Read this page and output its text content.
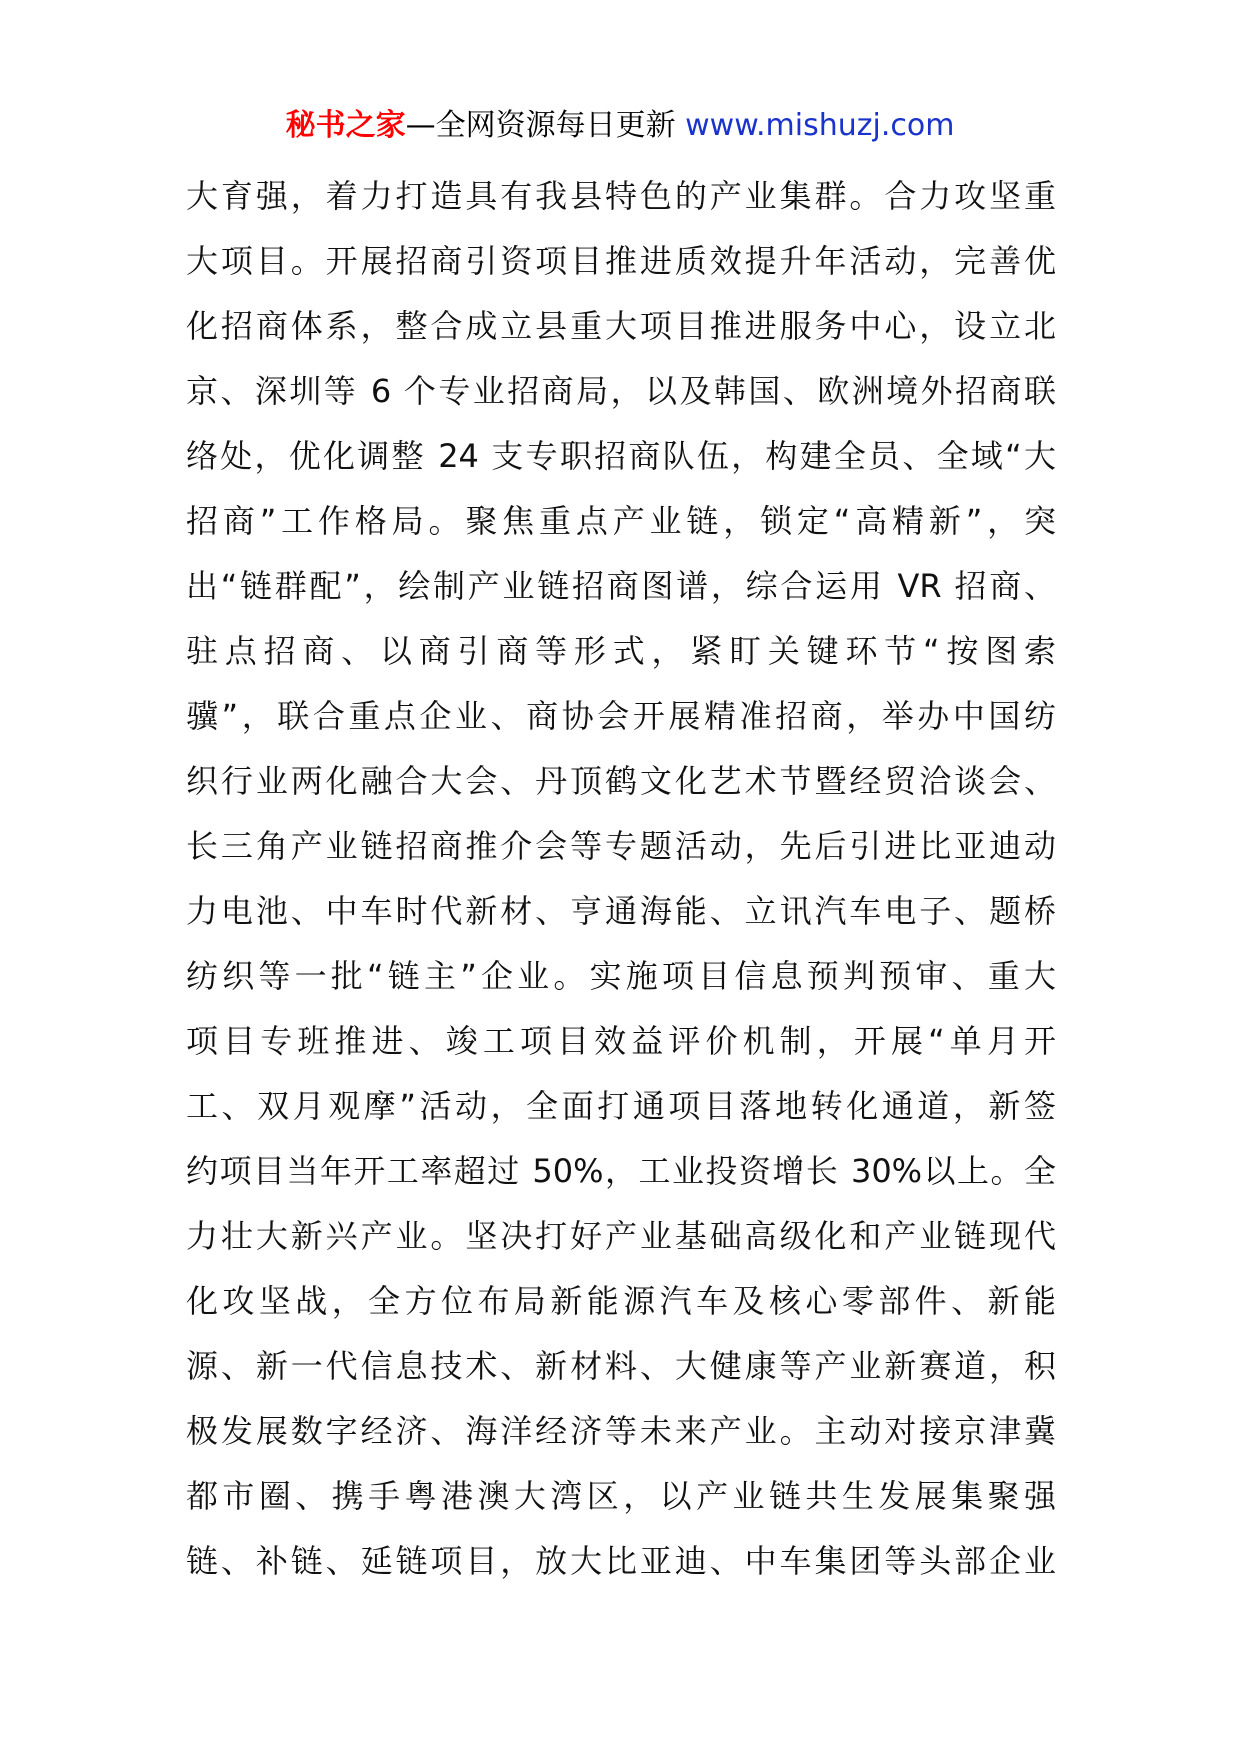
秘书之家—全网资源每日更新 www.mishuzj.com
大育强，着力打造具有我县特色的产业集群。合力攻坚重
大项目。开展招商引资项目推进质效提升年活动，完善优
化招商体系，整合成立县重大项目推进服务中心，设立北
京、深圳等 6 个专业招商局，以及韩国、欧洲境外招商联
络处，优化调整 24 支专职招商队伍，构建全员、全域“大
招商”工作格局。聚焦重点产业链，锁定“高精新”，突
出“链群配”，绘制产业链招商图谱，综合运用 VR 招商、
驻点招商、以商引商等形式，紧盯关键环节“按图索
骥”，联合重点企业、商协会开展精准招商，举办中国纺
织行业两化融合大会、丹顶鹤文化艺术节暨经贸洽谈会、
长三角产业链招商推介会等专题活动，先后引进比亚迪动
力电池、中车时代新材、亨通海能、立讯汽车电子、题桥
纺织等一批“链主”企业。实施项目信息预判预审、重大
项目专班推进、竣工项目效益评价机制，开展“单月开
工、双月观摩”活动，全面打通项目落地转化通道，新签
约项目当年开工率超过 50%，工业投资增长 30%以上。全
力壮大新兴产业。坚决打好产业基础高级化和产业链现代
化攻坚战，全方位布局新能源汽车及核心零部件、新能
源、新一代信息技术、新材料、大健康等产业新赛道，积
极发展数字经济、海洋经济等未来产业。主动对接京津冀
都市圈、携手粤港澳大湾区，以产业链共生发展集聚强
链、补链、延链项目，放大比亚迪、中车集团等头部企业
